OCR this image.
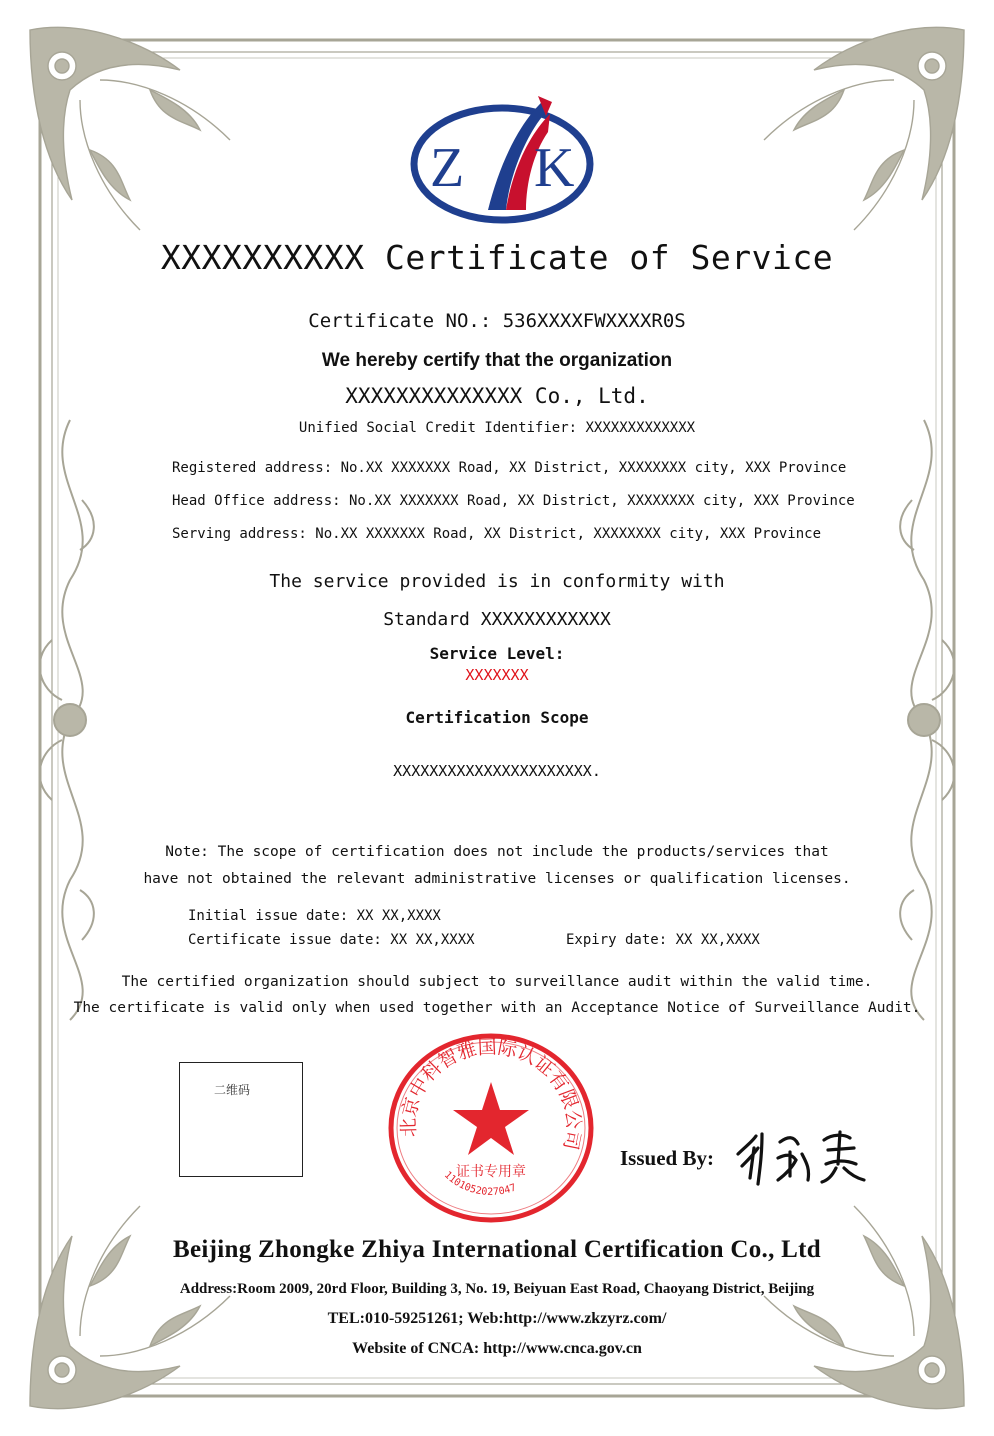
Z K
XXXXXXXXXX Certificate of Service
Certificate NO.: 536XXXXFWXXXXR0S
We hereby certify that the organization
XXXXXXXXXXXXXX Co., Ltd.
Unified Social Credit Identifier: XXXXXXXXXXXXX
Registered address: No.XX XXXXXXX Road, XX District, XXXXXXXX city, XXX Province
Head Office address: No.XX XXXXXXX Road, XX District, XXXXXXXX city, XXX Province
Serving address: No.XX XXXXXXX Road, XX District, XXXXXXXX city, XXX Province
The service provided is in conformity with
Standard XXXXXXXXXXXX
Service Level:
XXXXXXX
Certification Scope
XXXXXXXXXXXXXXXXXXXXXX.
Note: The scope of certification does not include the products/services that
have not obtained the relevant administrative licenses or qualification licenses.
Initial issue date: XX XX,XXXX
Certificate issue date: XX XX,XXXX	Expiry date: XX XX,XXXX
The certified organization should subject to surveillance audit within the valid time.
The certificate is valid only when used together with an Acceptance Notice of Surveillance Audit.
二维码
北京中科智雅国际认证有限公司
证书专用章
1101052027047
Issued By:
Beijing Zhongke Zhiya International Certification Co., Ltd
Address:Room 2009, 20rd Floor, Building 3, No. 19, Beiyuan East Road, Chaoyang District, Beijing
TEL:010-59251261; Web:http://www.zkzyrz.com/
Website of CNCA: http://www.cnca.gov.cn
